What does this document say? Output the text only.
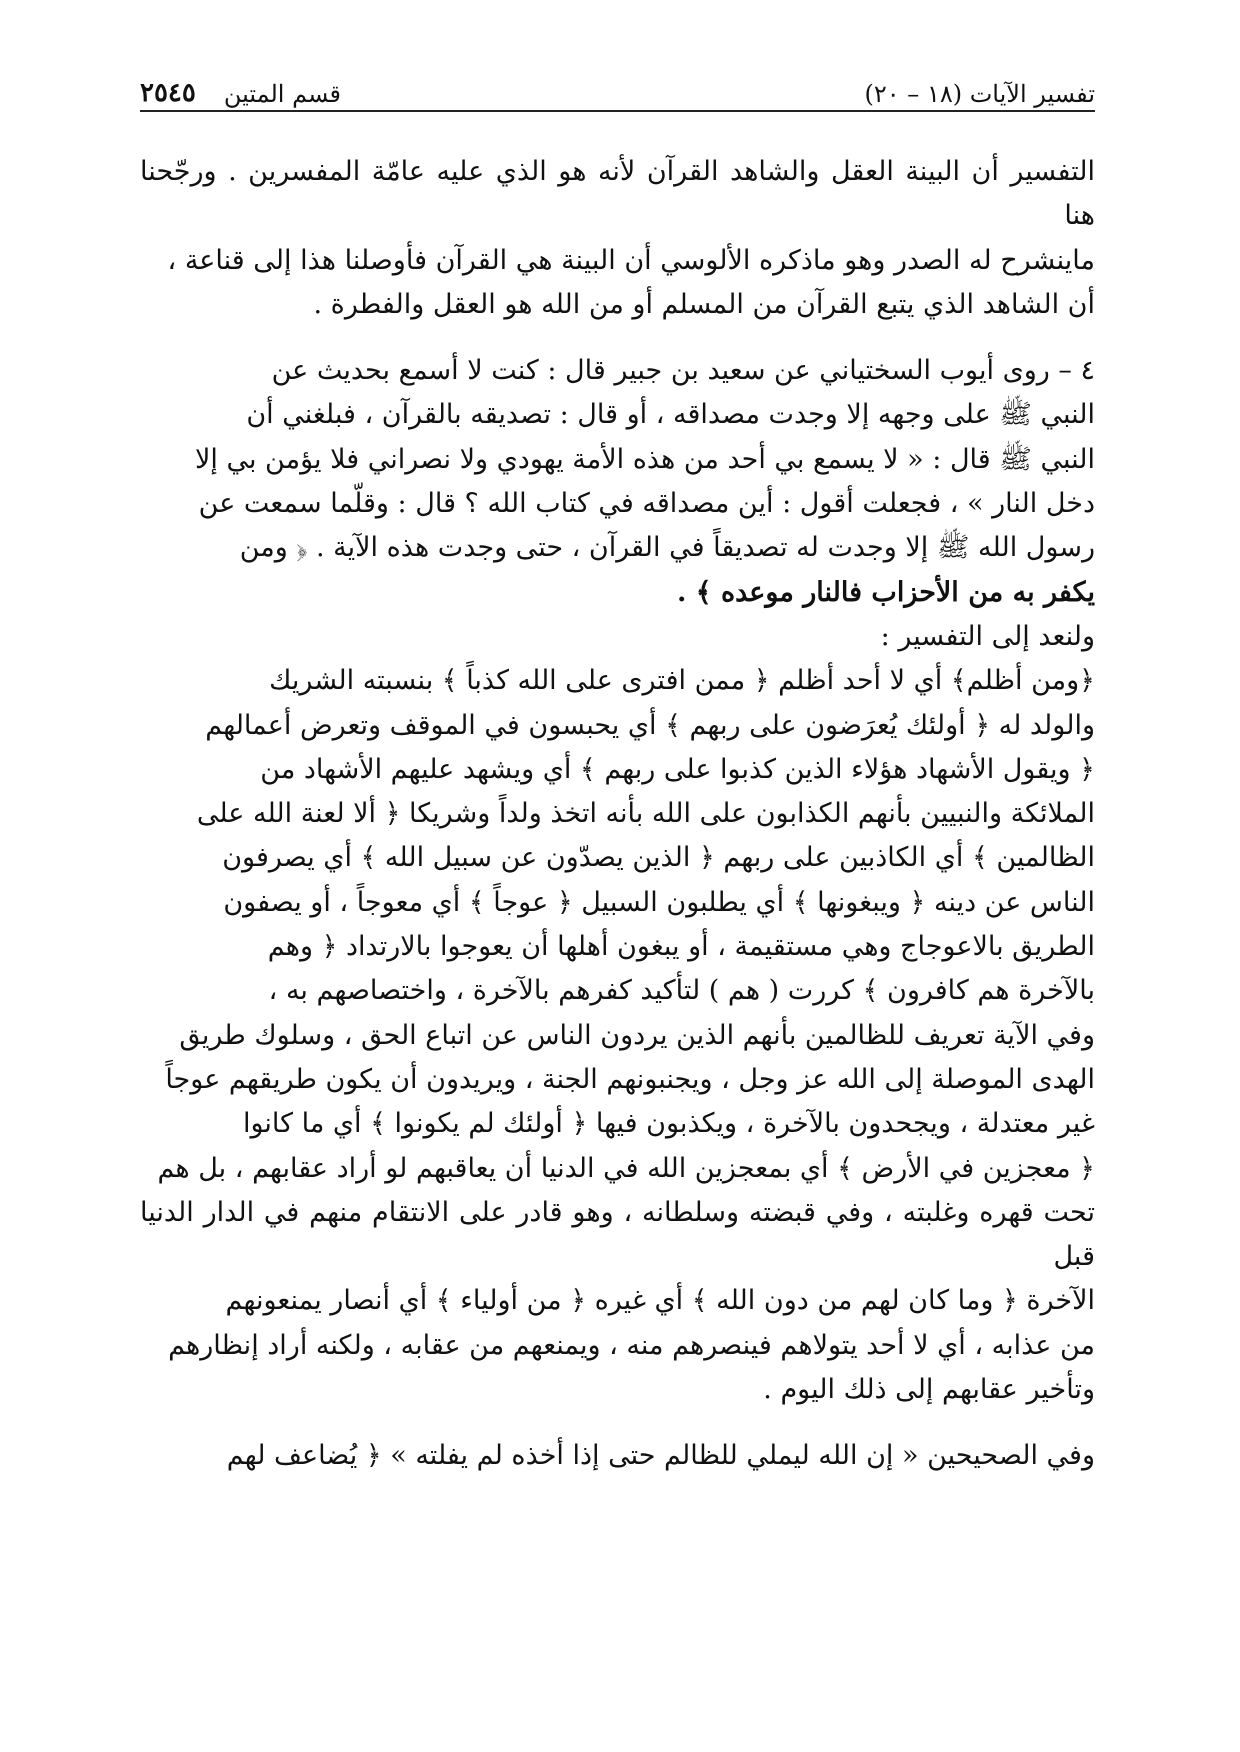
تفسير الآيات (١٨ – ٢٠)
قسم المتين
٢٥٤٥

التفسير أن البينة العقل والشاهد القرآن لأنه هو الذي عليه عامّة المفسرين . ورجّحنا هنا

ماينشرح له الصدر وهو ماذكره الألوسي أن البينة هي القرآن فأوصلنا هذا إلى قناعة ،

أن الشاهد الذي يتبع القرآن من المسلم أو من الله هو العقل والفطرة .

٤ – روى أيوب السختياني عن سعيد بن جبير قال : كنت لا أسمع بحديث عن

النبي ﷺ على وجهه إلا وجدت مصداقه ، أو قال : تصديقه بالقرآن ، فبلغني أن

النبي ﷺ قال : « لا يسمع بي أحد من هذه الأمة يهودي ولا نصراني فلا يؤمن بي إلا

دخل النار » ، فجعلت أقول : أين مصداقه في كتاب الله ؟ قال : وقلّما سمعت عن

رسول الله ﷺ إلا وجدت له تصديقاً في القرآن ، حتى وجدت هذه الآية . ﴿ ومن

يكفر به من الأحزاب فالنار موعده ﴾ .

ولنعد إلى التفسير :

﴿ومن أظلم﴾ أي لا أحد أظلم ﴿ ممن افترى على الله كذباً ﴾ بنسبته الشريك

والولد له ﴿ أولئك يُعرَضون على ربهم ﴾ أي يحبسون في الموقف وتعرض أعمالهم

﴿ ويقول الأشهاد هؤلاء الذين كذبوا على ربهم ﴾ أي ويشهد عليهم الأشهاد من

الملائكة والنبيين بأنهم الكذابون على الله بأنه اتخذ ولداً وشريكا ﴿ ألا لعنة الله على

الظالمين ﴾ أي الكاذبين على ربهم ﴿ الذين يصدّون عن سبيل الله ﴾ أي يصرفون

الناس عن دينه ﴿ ويبغونها ﴾ أي يطلبون السبيل ﴿ عوجاً ﴾ أي معوجاً ، أو يصفون

الطريق بالاعوجاج وهي مستقيمة ، أو يبغون أهلها أن يعوجوا بالارتداد ﴿ وهم

بالآخرة هم كافرون ﴾ كررت ( هم ) لتأكيد كفرهم بالآخرة ، واختصاصهم به ،

وفي الآية تعريف للظالمين بأنهم الذين يردون الناس عن اتباع الحق ، وسلوك طريق

الهدى الموصلة إلى الله عز وجل ، ويجنبونهم الجنة ، ويريدون أن يكون طريقهم عوجاً

غير معتدلة ، ويجحدون بالآخرة ، ويكذبون فيها ﴿ أولئك لم يكونوا ﴾ أي ما كانوا

﴿ معجزين في الأرض ﴾ أي بمعجزين الله في الدنيا أن يعاقبهم لو أراد عقابهم ، بل هم

تحت قهره وغلبته ، وفي قبضته وسلطانه ، وهو قادر على الانتقام منهم في الدار الدنيا قبل

الآخرة ﴿ وما كان لهم من دون الله ﴾ أي غيره ﴿ من أولياء ﴾ أي أنصار يمنعونهم

من عذابه ، أي لا أحد يتولاهم فينصرهم منه ، ويمنعهم من عقابه ، ولكنه أراد إنظارهم

وتأخير عقابهم إلى ذلك اليوم .

وفي الصحيحين « إن الله ليملي للظالم حتى إذا أخذه لم يفلته » ﴿ يُضاعف لهم
